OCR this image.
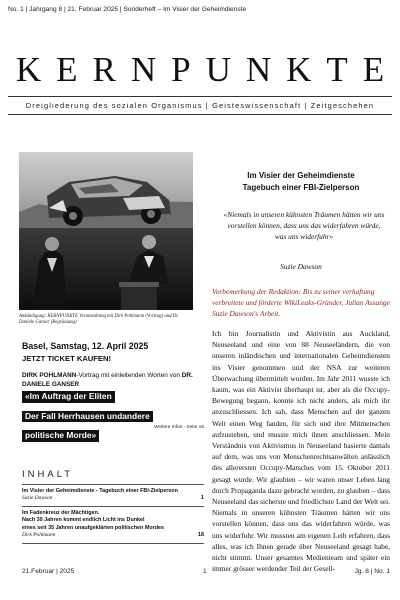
No. 1 | Jahrgang 8 | 21. Februar 2025 | Sonderheft – Im Visier der Geheimdienste
KERNPUNKTE
Dreigliederung des sozialen Organismus | Geisteswissenschaft | Zeitgeschehen
Ankündigung: KERNPUNKTE Veranstaltung mit Dirk Pohlmann (Vortrag) und Dr. Daniele Ganser (Begrüssung)
Basel, Samstag, 12. April 2025
JETZT TICKET KAUFEN!
DIRK POHLMANN-Vortrag mit einleitenden Worten von DR. DANIELE GANSER
«Im Auftrag der Eliten
Der Fall Herrhausen undandere
politische Morde»
Weitere Infos - Seite 16
INHALT
Im Visier der Geheimdienste - Tagebuch einer FBI-Zielperson
Suzie Dawson	1
Im Fadenkreuz der Mächtigen.
Nach 30 Jahren kommt endlich Licht ins Dunkel
eines seit 35 Jahren unaufgeklärten politischen Mordes
Dirk Pohlmann	18
Im Visier der Geheimdienste
Tagebuch einer FBI-Zielperson
«Niemals in unseren kühnsten Träumen hätten wir uns vorstellen können, dass uns das widerfahren würde, was uns widerfuhr»
Suzie Dawson
Vorbemerkung der Redaktion: Bis zu seiner verhaftung verbreitete und förderte WikiLeaks-Gründer, Julian Assange Suzie Dawson's Arbeit.
Ich bin Journalistin und Aktivistin aus Auckland, Neuseeland und eine von 88 Neuseeländern, die von unseren inländischen und internationalen Geheimdiensten ins Visier genommen und der NSA zur weiteren Überwachung übermittelt wurden. Im Jahr 2011 wusste ich kaum, was ein Aktivist überhaupt ist, aber als die Occupy-Bewegung begann, konnte ich nicht anders, als mich ihr anzuschliessen. Ich sah, dass Menschen auf der ganzen Welt einen Weg fanden, für sich und ihre Mitmenschen aufzustehen, und musste mich ihnen anschliessen. Mein Verständnis von Aktivismus in Neuseeland basierte damals auf dem, was uns von Menschenrechtsanwälten anlässlich des allerersten Occupy-Marsches vom 15. Oktober 2011 gesagt wurde. Wir glaubten – wir waren unser Leben lang durch Propaganda dazu gebracht worden, zu glauben – dass Neuseeland das sicherste und friedlichste Land der Welt sei. Niemals in unseren kühnsten Träumen hätten wir uns vorstellen können, dass uns das widerfahren würde, was uns widerfuhr. Wir mussten am eigenen Leib erfahren, dass alles, was ich Ihnen gerade über Neuseeland gesagt habe, nicht stimmt. Unser gesamtes Medienteam und später ein immer grösser werdender Teil der Gesell-
21.Februar | 2025	1	Jg. 8 | No. 1
